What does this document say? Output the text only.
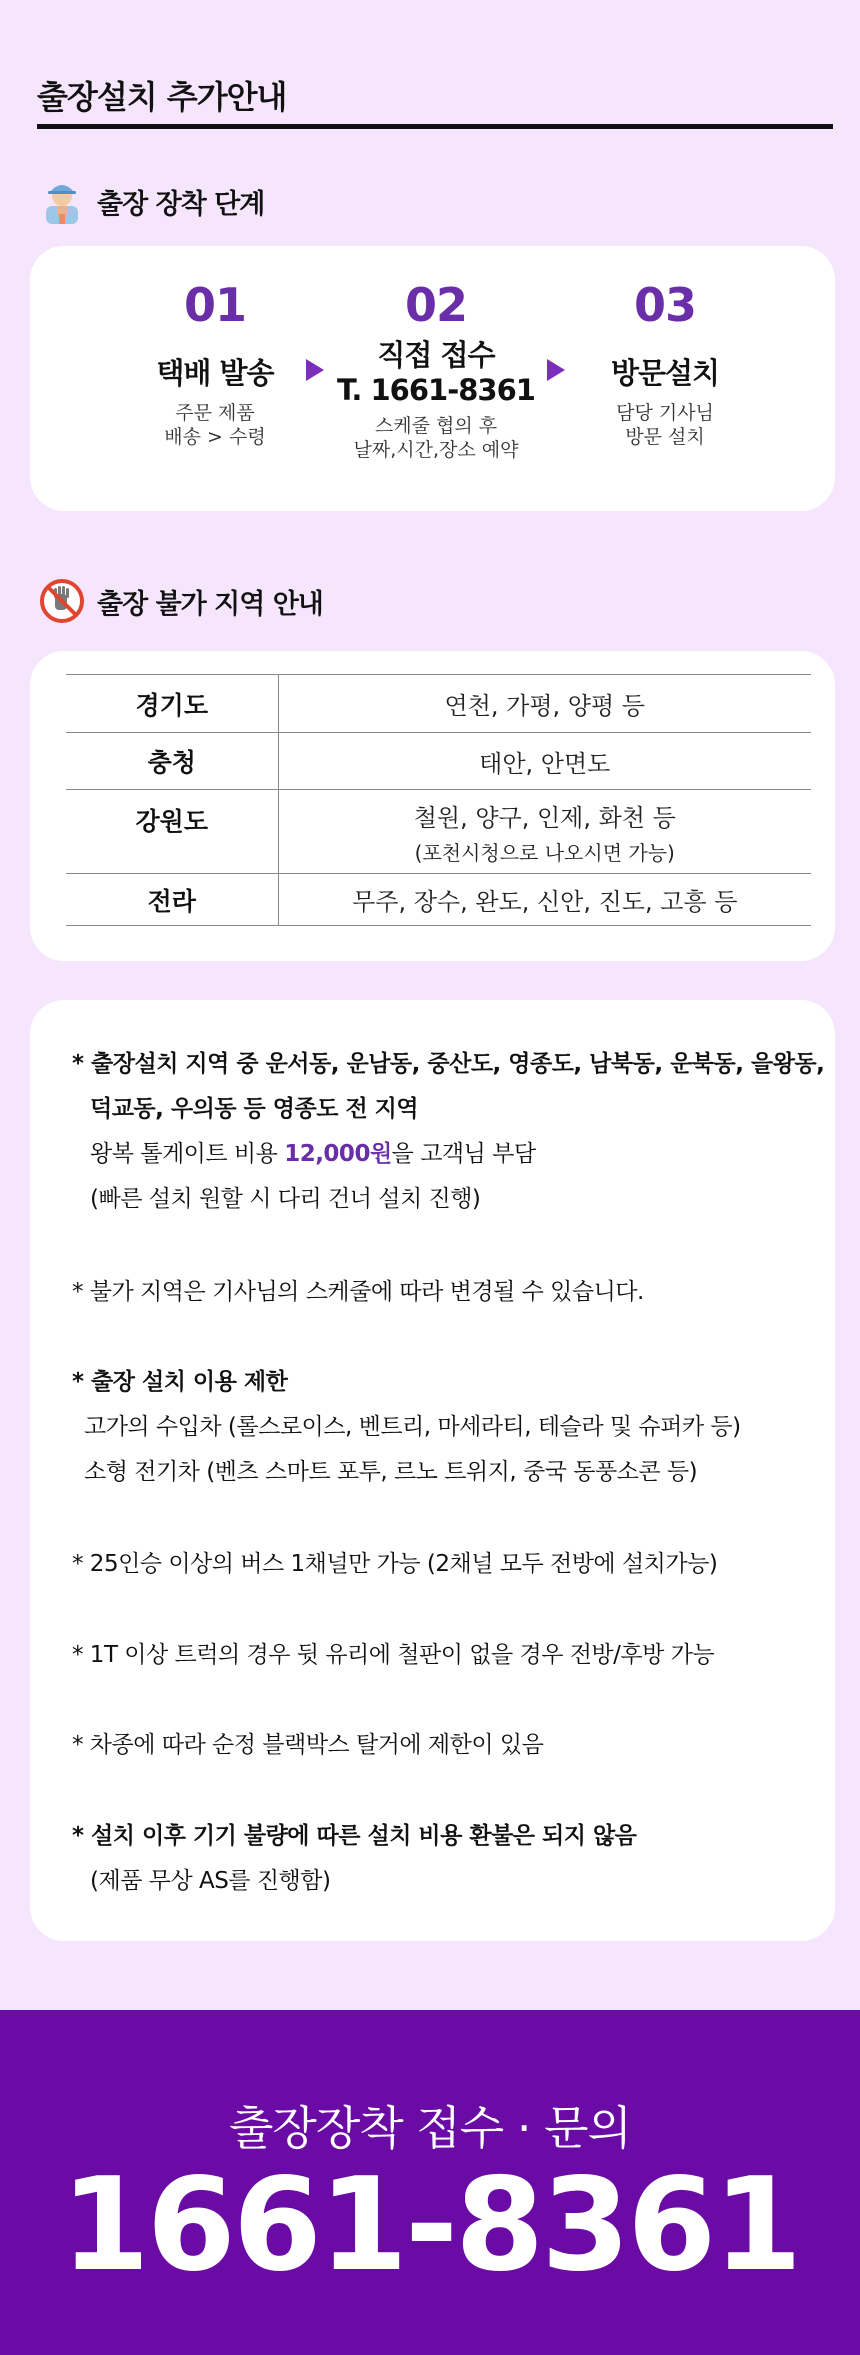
출장설치 추가안내
출장 장착 단계
01
택배 발송
주문 제품
배송 > 수령
02
직접 접수
T. 1661-8361
스케줄 협의 후
날짜,시간,장소 예약
03
방문설치
담당 기사님
방문 설치
출장 불가 지역 안내
경기도	연천, 가평, 양평 등
충청	태안, 안면도
강원도	철원, 양구, 인제, 화천 등
(포천시청으로 나오시면 가능)

전라	무주, 장수, 완도, 신안, 진도, 고흥 등
* 출장설치 지역 중 운서동, 운남동, 중산도, 영종도, 남북동, 운북동, 을왕동,
덕교동, 우의동 등 영종도 전 지역
왕복 톨게이트 비용 12,000원을 고객님 부담
(빠른 설치 원할 시 다리 건너 설치 진행)
* 불가 지역은 기사님의 스케줄에 따라 변경될 수 있습니다.
* 출장 설치 이용 제한
고가의 수입차 (롤스로이스, 벤트리, 마세라티, 테슬라 및 슈퍼카 등)
소형 전기차 (벤츠 스마트 포투, 르노 트위지, 중국 동풍소콘 등)
* 25인승 이상의 버스 1채널만 가능 (2채널 모두 전방에 설치가능)
* 1T 이상 트럭의 경우 뒷 유리에 철판이 없을 경우 전방/후방 가능
* 차종에 따라 순정 블랙박스 탈거에 제한이 있음
* 설치 이후 기기 불량에 따른 설치 비용 환불은 되지 않음
(제품 무상 AS를 진행함)
출장장착 접수 · 문의
1661-8361
